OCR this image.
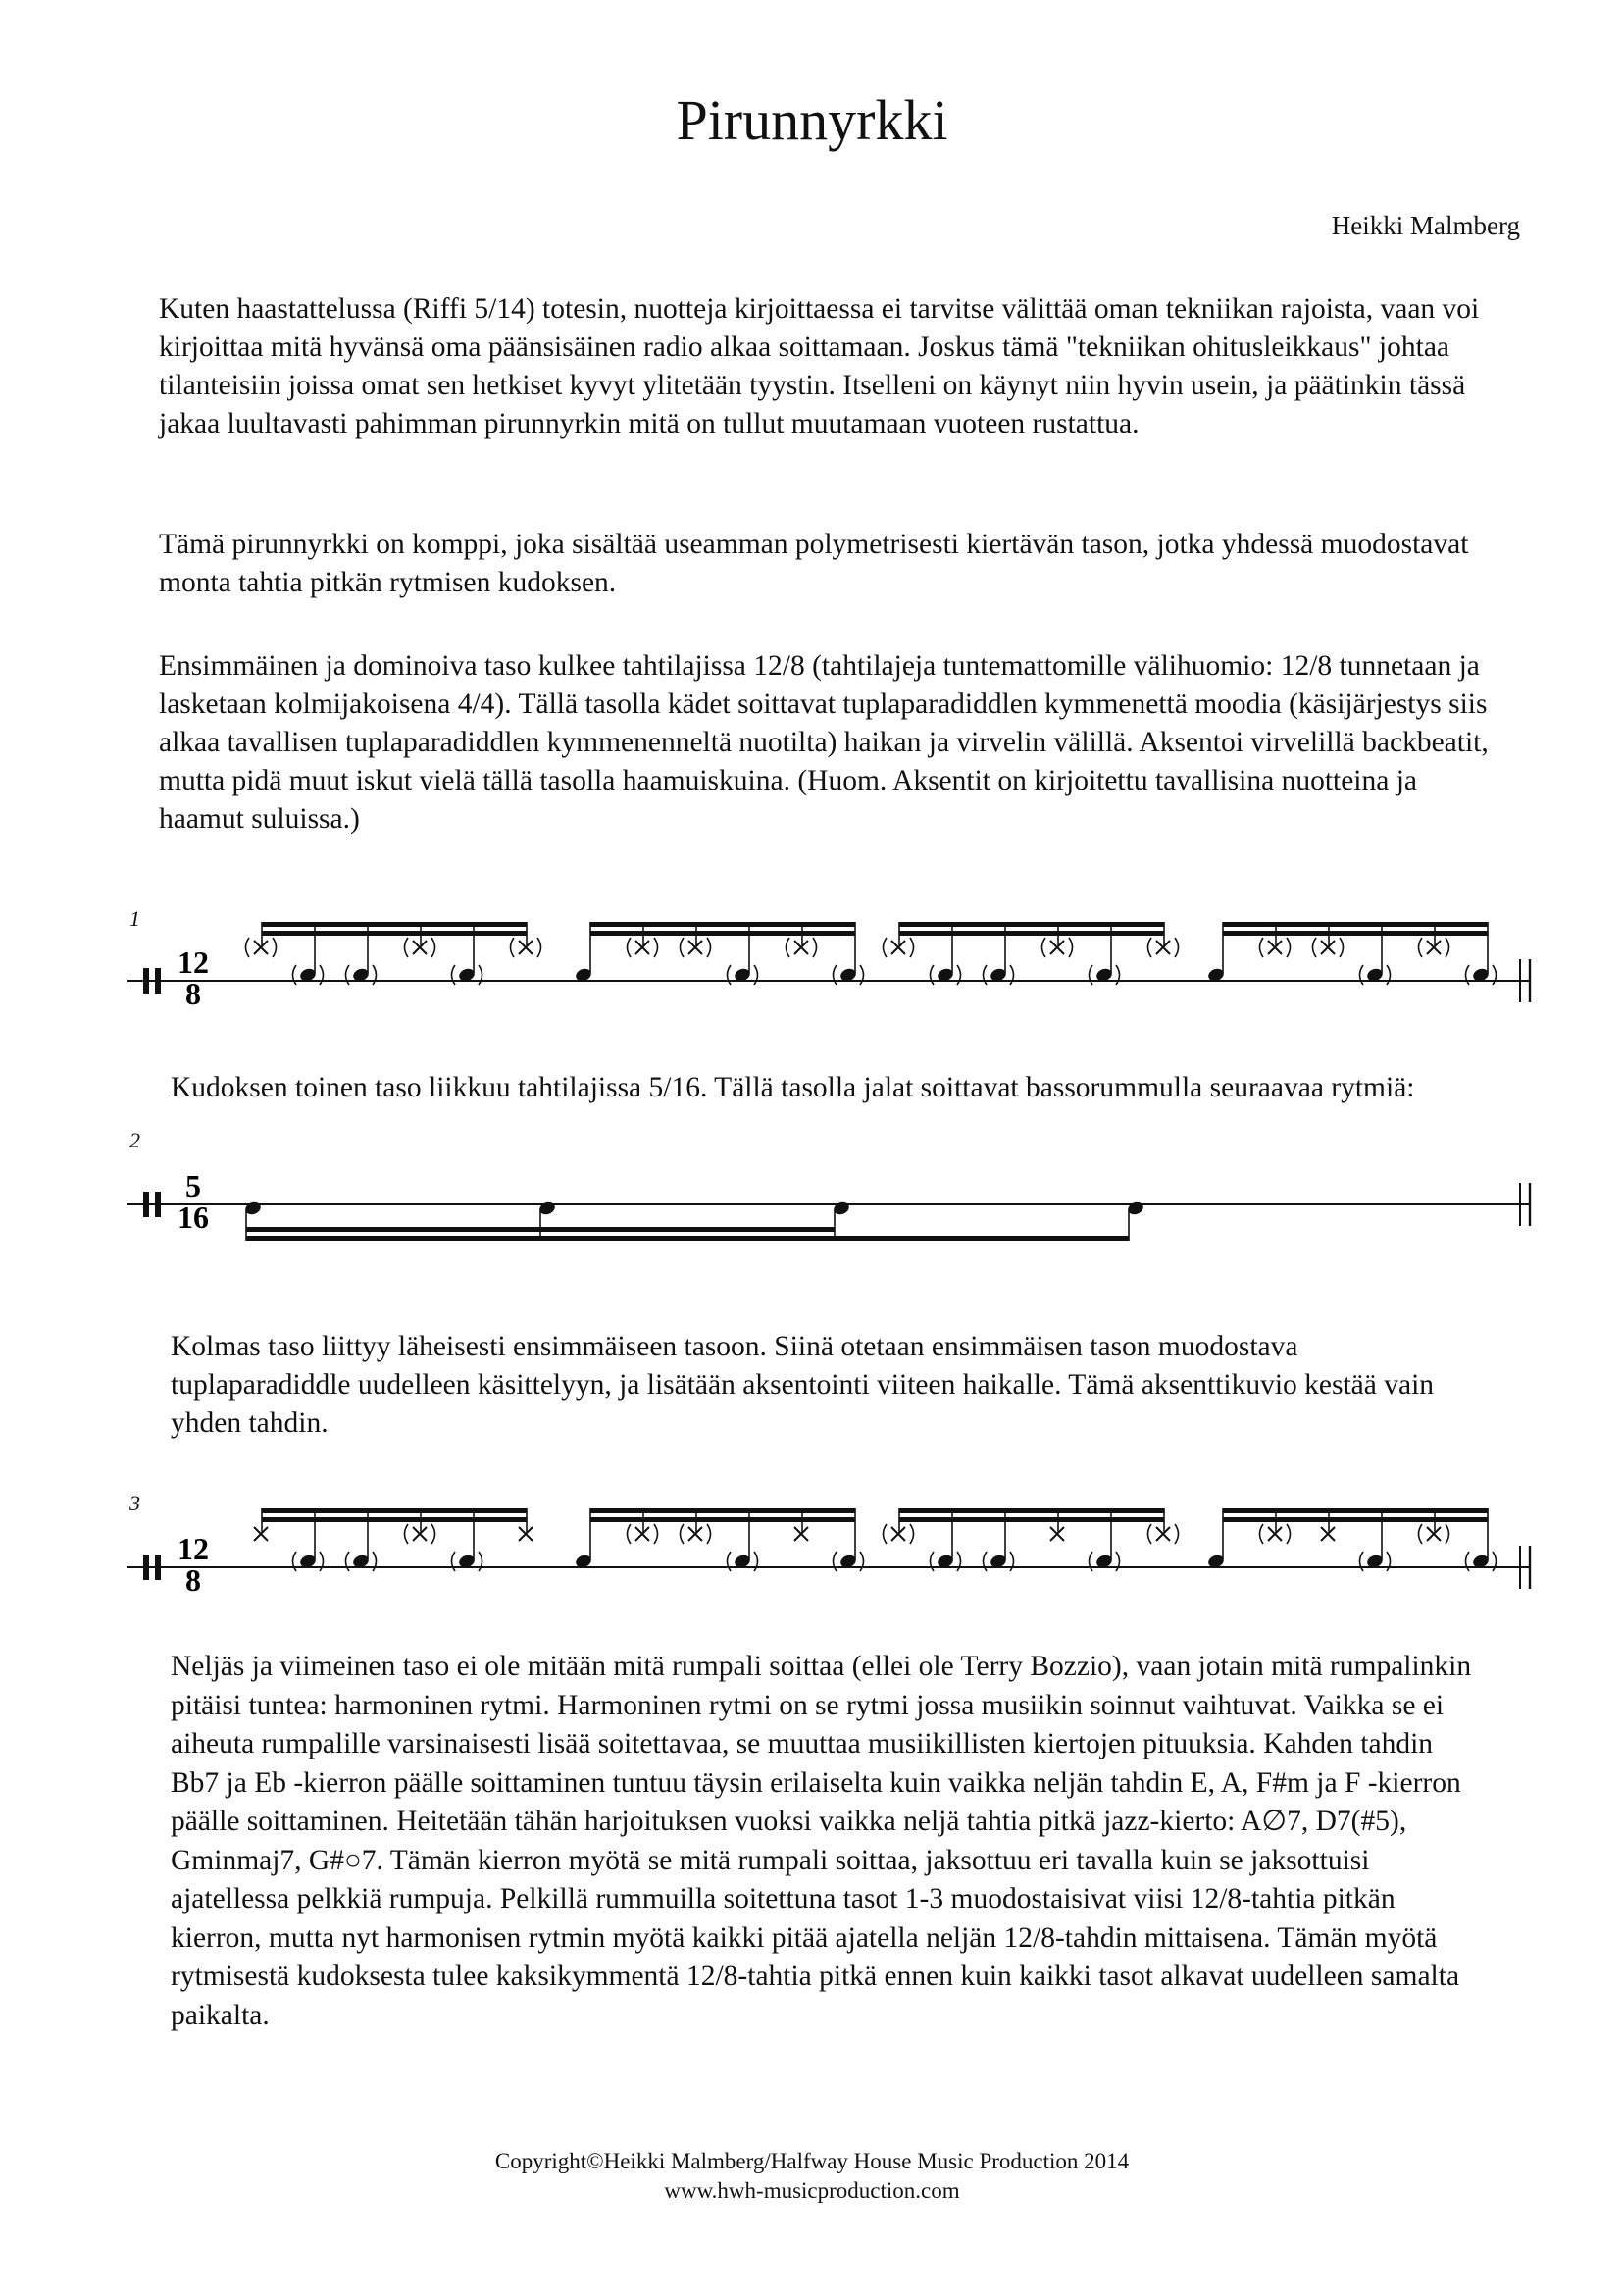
Pirunnyrkki
Heikki Malmberg

Kuten haastattelussa (Riffi 5/14) totesin, nuotteja kirjoittaessa ei tarvitse välittää oman tekniikan rajoista, vaan voi kirjoittaa mitä hyvänsä oma päänsisäinen radio alkaa soittamaan. Joskus tämä "tekniikan ohitusleikkaus" johtaa tilanteisiin joissa omat sen hetkiset kyvyt ylitetään tyystin. Itselleni on käynyt niin hyvin usein, ja päätinkin tässä jakaa luultavasti pahimman pirunnyrkin mitä on tullut muutamaan vuoteen rustattua.

Tämä pirunnyrkki on komppi, joka sisältää useamman polymetrisesti kiertävän tason, jotka yhdessä muodostavat monta tahtia pitkän rytmisen kudoksen.

Ensimmäinen ja dominoiva taso kulkee tahtilajissa 12/8 (tahtilajeja tuntemattomille välihuomio: 12/8 tunnetaan ja lasketaan kolmijakoisena 4/4). Tällä tasolla kädet soittavat tuplaparadiddlen kymmenettä moodia (käsijärjestys siis alkaa tavallisen tuplaparadiddlen kymmenenneltä nuotilta) haikan ja virvelin välillä. Aksentoi virvelillä backbeatit, mutta pidä muut iskut vielä tällä tasolla haamuiskuina. (Huom. Aksentit on kirjoitettu tavallisina nuotteina ja haamut suluissa.)

1
12
8

Kudoksen toinen taso liikkuu tahtilajissa 5/16. Tällä tasolla jalat soittavat bassorummulla seuraavaa rytmiä:

2
5
16

Kolmas taso liittyy läheisesti ensimmäiseen tasoon. Siinä otetaan ensimmäisen tason muodostava tuplaparadiddle uudelleen käsittelyyn, ja lisätään aksentointi viiteen haikalle. Tämä aksenttikuvio kestää vain yhden tahdin.

3
12
8

Neljäs ja viimeinen taso ei ole mitään mitä rumpali soittaa (ellei ole Terry Bozzio), vaan jotain mitä rumpalinkin pitäisi tuntea: harmoninen rytmi. Harmoninen rytmi on se rytmi jossa musiikin soinnut vaihtuvat. Vaikka se ei aiheuta rumpalille varsinaisesti lisää soitettavaa, se muuttaa musiikillisten kiertojen pituuksia. Kahden tahdin Bb7 ja Eb -kierron päälle soittaminen tuntuu täysin erilaiselta kuin vaikka neljän tahdin E, A, F#m ja F -kierron päälle soittaminen. Heitetään tähän harjoituksen vuoksi vaikka neljä tahtia pitkä jazz-kierto: A∅7, D7(#5), Gminmaj7, G#○7. Tämän kierron myötä se mitä rumpali soittaa, jaksottuu eri tavalla kuin se jaksottuisi ajatellessa pelkkiä rumpuja. Pelkillä rummuilla soitettuna tasot 1-3 muodostaisivat viisi 12/8-tahtia pitkän kierron, mutta nyt harmonisen rytmin myötä kaikki pitää ajatella neljän 12/8-tahdin mittaisena. Tämän myötä rytmisestä kudoksesta tulee kaksikymmentä 12/8-tahtia pitkä ennen kuin kaikki tasot alkavat uudelleen samalta paikalta.

Copyright©Heikki Malmberg/Halfway House Music Production 2014
www.hwh-musicproduction.com
